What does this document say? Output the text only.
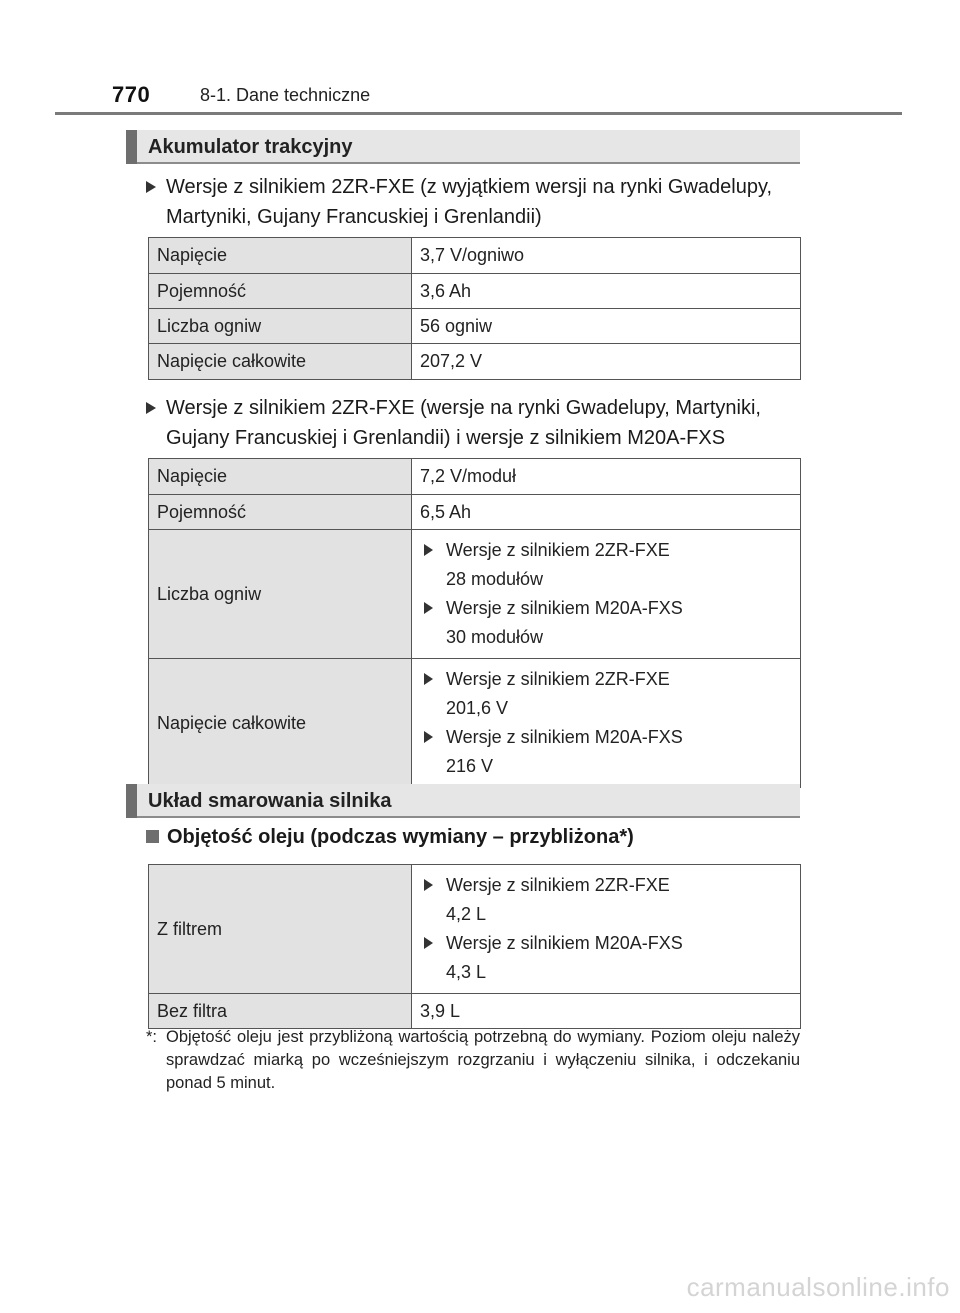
770	8-1. Dane techniczne
Akumulator trakcyjny
Wersje z silnikiem 2ZR-FXE (z wyjątkiem wersji na rynki Gwadelupy, Martyniki, Gujany Francuskiej i Grenlandii)
Napięcie	3,7 V/ogniwo
Pojemność	3,6 Ah
Liczba ogniw	56 ogniw
Napięcie całkowite	207,2 V
Wersje z silnikiem 2ZR-FXE (wersje na rynki Gwadelupy, Martyniki, Gujany Francuskiej i Grenlandii) i wersje z silnikiem M20A-FXS
Napięcie	7,2 V/moduł
Pojemność	6,5 Ah
Liczba ogniw	Wersje z silnikiem 2ZR-FXE
28 modułów
Wersje z silnikiem M20A-FXS
30 modułów

Napięcie całkowite	Wersje z silnikiem 2ZR-FXE
201,6 V
Wersje z silnikiem M20A-FXS
216 V
Układ smarowania silnika
Objętość oleju (podczas wymiany – przybliżona*)
Z filtrem	Wersje z silnikiem 2ZR-FXE
4,2 L
Wersje z silnikiem M20A-FXS
4,3 L

Bez filtra	3,9 L
*: Objętość oleju jest przybliżoną wartością potrzebną do wymiany. Poziom oleju należy sprawdzać miarką po wcześniejszym rozgrzaniu i wyłączeniu silnika, i odczekaniu ponad 5 minut.
carmanualsonline.info
